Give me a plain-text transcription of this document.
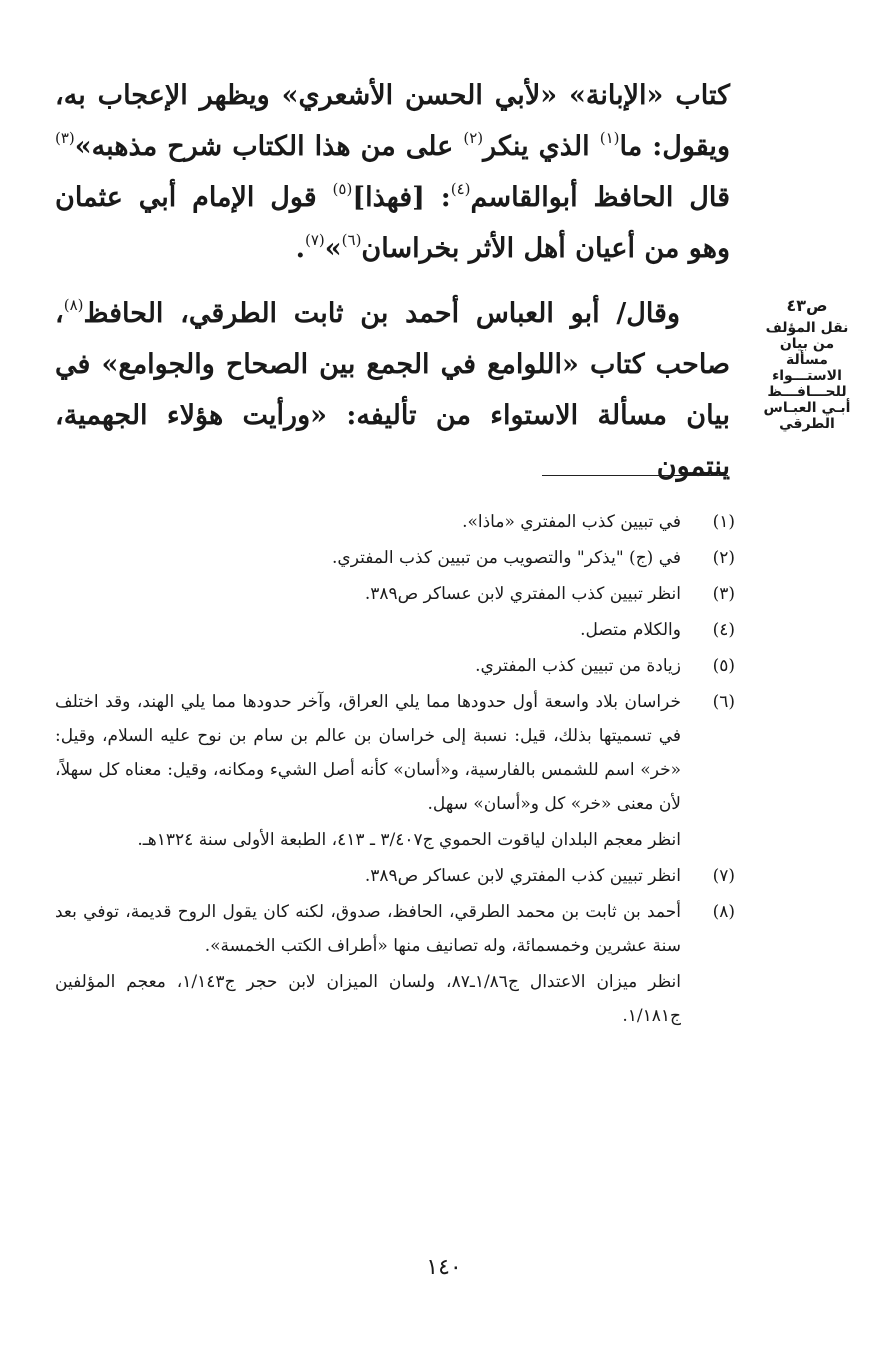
كتاب «الإبانة» «لأبي الحسن الأشعري» ويظهر الإعجاب به، ويقول: ما$^{(١)}$ الذي ينكر$^{(٢)}$ على من هذا الكتاب شرح مذهبه»$^{(٣)}$ قال الحافظ أبوالقاسم$^{(٤)}$: [فهذا]$^{(٥)}$ قول الإمام أبي عثمان وهو من أعيان أهل الأثر بخراسان$^{(٦)}$»$^{(٧)}$.

وقال/ أبو العباس أحمد بن ثابت الطرقي، الحافظ$^{(٨)}$، صاحب كتاب «اللوامع في الجمع بين الصحاح والجوامع» في بيان مسألة الاستواء من تأليفه: «ورأيت هؤلاء الجهمية، ينتمون

ص٤٣
نقل المؤلف
من بيان مسألة
الاستـــواء
للحـــافـــظ
أبـي العبـاس
الطرقي
(١)
في تبيين كذب المفتري «ماذا».
(٢)
في (ج) "يذكر" والتصويب من تبيين كذب المفتري.
(٣)
انظر تبيين كذب المفتري لابن عساكر ص٣٨٩.
(٤)
والكلام متصل.
(٥)
زيادة من تبيين كذب المفتري.
(٦)
خراسان بلاد واسعة أول حدودها مما يلي العراق، وآخر حدودها مما يلي الهند، وقد اختلف في تسميتها بذلك، قيل: نسبة إلى خراسان بن عالم بن سام بن نوح عليه السلام، وقيل: «خر» اسم للشمس بالفارسية، و«أسان» كأنه أصل الشيء ومكانه، وقيل: معناه كل سهلاً، لأن معنى «خر» كل و«أسان» سهل.
انظر معجم البلدان لياقوت الحموي ج٣/٤٠٧ ـ ٤١٣، الطبعة الأولى سنة ١٣٢٤هـ.
(٧)
انظر تبيين كذب المفتري لابن عساكر ص٣٨٩.
(٨)
أحمد بن ثابت بن محمد الطرقي، الحافظ، صدوق، لكنه كان يقول الروح قديمة، توفي بعد سنة عشرين وخمسمائة، وله تصانيف منها «أطراف الكتب الخمسة».
انظر ميزان الاعتدال ج١/٨٦ـ٨٧، ولسان الميزان لابن حجر ج١/١٤٣، معجم المؤلفين ج١/١٨١.
١٤٠
